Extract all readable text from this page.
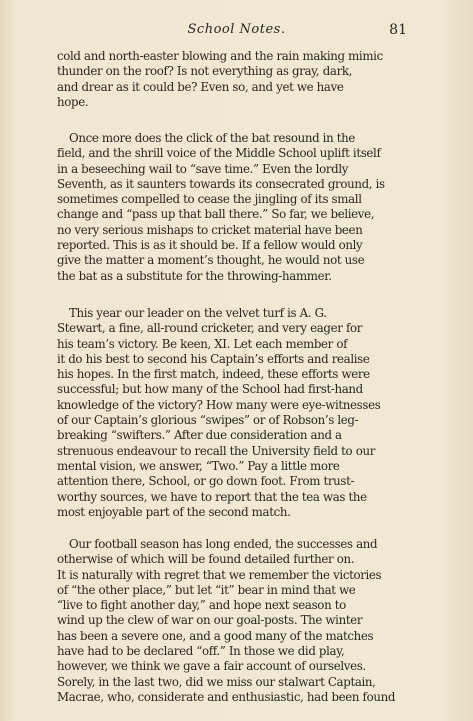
School Notes.	81
cold and north-easter blowing and the rain making mimic
thunder on the roof? Is not everything as gray, dark,
and drear as it could be? Even so, and yet we have
hope.
Once more does the click of the bat resound in the
field, and the shrill voice of the Middle School uplift itself
in a beseeching wail to “save time.” Even the lordly
Seventh, as it saunters towards its consecrated ground, is
sometimes compelled to cease the jingling of its small
change and “pass up that ball there.” So far, we believe,
no very serious mishaps to cricket material have been
reported. This is as it should be. If a fellow would only
give the matter a moment’s thought, he would not use
the bat as a substitute for the throwing-hammer.
This year our leader on the velvet turf is A. G.
Stewart, a fine, all-round cricketer, and very eager for
his team’s victory. Be keen, XI. Let each member of
it do his best to second his Captain’s efforts and realise
his hopes. In the first match, indeed, these efforts were
successful; but how many of the School had first-hand
knowledge of the victory? How many were eye-witnesses
of our Captain’s glorious “swipes” or of Robson’s leg-
breaking “swifters.” After due consideration and a
strenuous endeavour to recall the University field to our
mental vision, we answer, “Two.” Pay a little more
attention there, School, or go down foot. From trust-
worthy sources, we have to report that the tea was the
most enjoyable part of the second match.
Our football season has long ended, the successes and
otherwise of which will be found detailed further on.
It is naturally with regret that we remember the victories
of “the other place,” but let “it” bear in mind that we
“live to fight another day,” and hope next season to
wind up the clew of war on our goal-posts. The winter
has been a severe one, and a good many of the matches
have had to be declared “off.” In those we did play,
however, we think we gave a fair account of ourselves.
Sorely, in the last two, did we miss our stalwart Captain,
Macrae, who, considerate and enthusiastic, had been found
